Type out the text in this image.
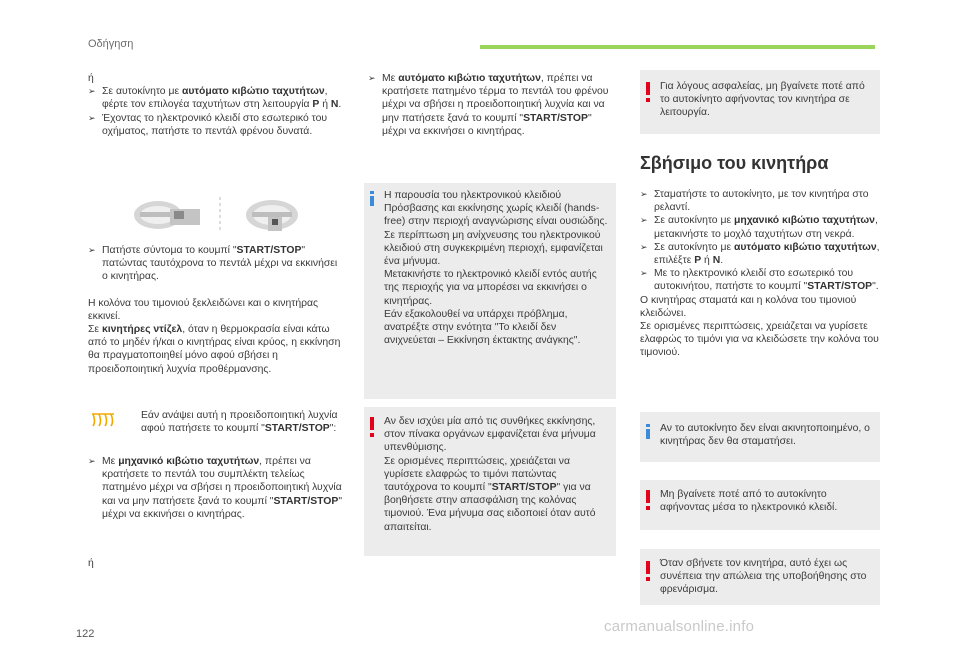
Οδήγηση

ή

➢ Σε αυτοκίνητο με αυτόματο κιβώτιο ταχυτήτων, φέρτε τον επιλογέα ταχυτήτων στη λειτουργία P ή N.
➢ Έχοντας το ηλεκτρονικό κλειδί στο εσωτερικό του οχήματος, πατήστε το πεντάλ φρένου δυνατά.
➢ Πατήστε σύντομα το κουμπί "START/STOP" πατώντας ταυτόχρονα το πεντάλ μέχρι να εκκινήσει ο κινητήρας.

Η κολόνα του τιμονιού ξεκλειδώνει και ο κινητήρας εκκινεί.

Σε κινητήρες ντίζελ, όταν η θερμοκρασία είναι κάτω από το μηδέν ή/και ο κινητήρας είναι κρύος, η εκκίνηση θα πραγματοποιηθεί μόνο αφού σβήσει η προειδοποιητική λυχνία προθέρμανσης.

Εάν ανάψει αυτή η προειδοποιητική λυχνία αφού πατήσετε το κουμπί "START/STOP":
➢ Με μηχανικό κιβώτιο ταχυτήτων, πρέπει να κρατήσετε το πεντάλ του συμπλέκτη τελείως πατημένο μέχρι να σβήσει η προειδοποιητική λυχνία και να μην πατήσετε ξανά το κουμπί "START/STOP" μέχρι να εκκινήσει ο κινητήρας.
ή
➢ Με αυτόματο κιβώτιο ταχυτήτων, πρέπει να κρατήσετε πατημένο τέρμα το πεντάλ του φρένου μέχρι να σβήσει η προειδοποιητική λυχνία και να μην πατήσετε ξανά το κουμπί "START/STOP" μέχρι να εκκινήσει ο κινητήρας.
Η παρουσία του ηλεκτρονικού κλειδιού Πρόσβασης και εκκίνησης χωρίς κλειδί (hands-free) στην περιοχή αναγνώρισης είναι ουσιώδης.
Σε περίπτωση μη ανίχνευσης του ηλεκτρονικού κλειδιού στη συγκεκριμένη περιοχή, εμφανίζεται ένα μήνυμα.
Μετακινήστε το ηλεκτρονικό κλειδί εντός αυτής της περιοχής για να μπορέσει να εκκινήσει ο κινητήρας.
Εάν εξακολουθεί να υπάρχει πρόβλημα, ανατρέξτε στην ενότητα "Το κλειδί δεν ανιχνεύεται – Εκκίνηση έκτακτης ανάγκης".
Αν δεν ισχύει μία από τις συνθήκες εκκίνησης, στον πίνακα οργάνων εμφανίζεται ένα μήνυμα υπενθύμισης.
Σε ορισμένες περιπτώσεις, χρειάζεται να γυρίσετε ελαφρώς το τιμόνι πατώντας ταυτόχρονα το κουμπί "START/STOP" για να βοηθήσετε στην απασφάλιση της κολόνας τιμονιού. Ένα μήνυμα σας ειδοποιεί όταν αυτό απαιτείται.
Για λόγους ασφαλείας, μη βγαίνετε ποτέ από το αυτοκίνητο αφήνοντας τον κινητήρα σε λειτουργία.
Σβήσιμο του κινητήρα
➢ Σταματήστε το αυτοκίνητο, με τον κινητήρα στο ρελαντί.
➢ Σε αυτοκίνητο με μηχανικό κιβώτιο ταχυτήτων, μετακινήστε το μοχλό ταχυτήτων στη νεκρά.
➢ Σε αυτοκίνητο με αυτόματο κιβώτιο ταχυτήτων, επιλέξτε P ή N.
➢ Με το ηλεκτρονικό κλειδί στο εσωτερικό του αυτοκινήτου, πατήστε το κουμπί "START/STOP".

Ο κινητήρας σταματά και η κολόνα του τιμονιού κλειδώνει.

Σε ορισμένες περιπτώσεις, χρειάζεται να γυρίσετε ελαφρώς το τιμόνι για να κλειδώσετε την κολόνα του τιμονιού.

Αν το αυτοκίνητο δεν είναι ακινητοποιημένο, ο κινητήρας δεν θα σταματήσει.
Μη βγαίνετε ποτέ από το αυτοκίνητο αφήνοντας μέσα το ηλεκτρονικό κλειδί.
Όταν σβήνετε τον κινητήρα, αυτό έχει ως συνέπεια την απώλεια της υποβοήθησης στο φρενάρισμα.
122	carmanualsonline.info
